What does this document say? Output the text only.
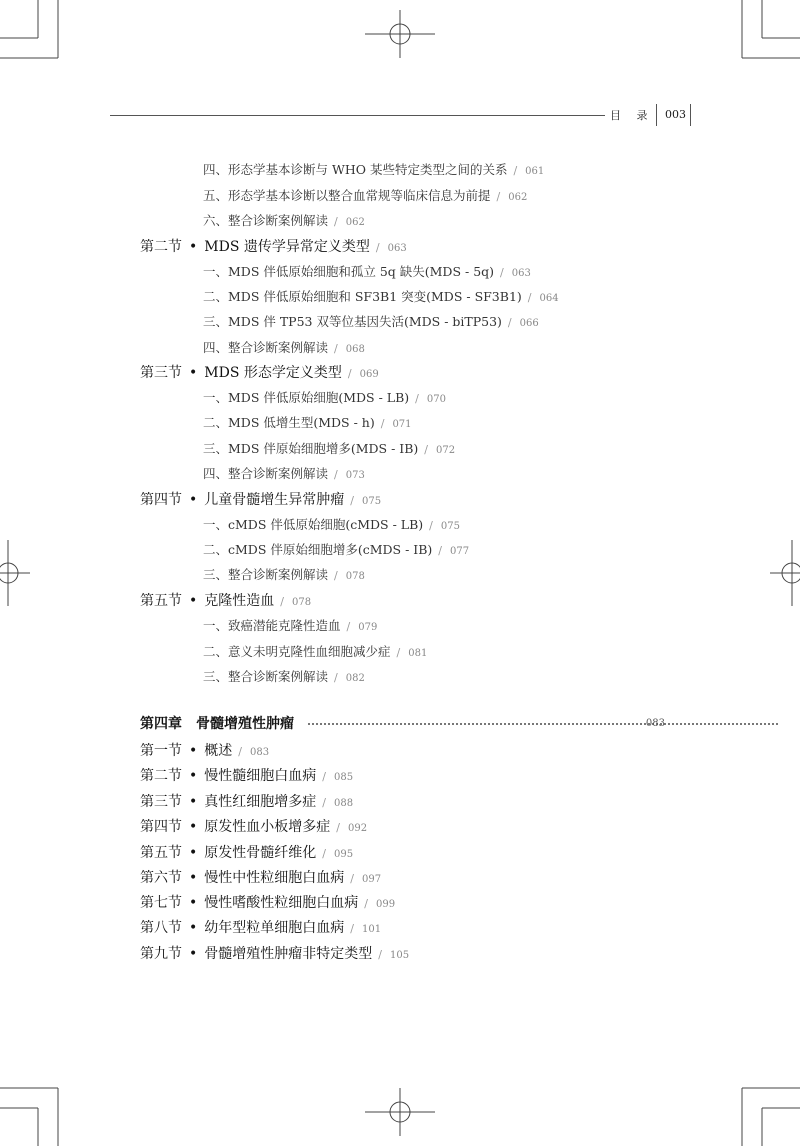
目 录 003
四、形态学基本诊断与 WHO 某些特定类型之间的关系 / 061
五、形态学基本诊断以整合血常规等临床信息为前提 / 062
六、整合诊断案例解读 / 062
第二节 • MDS 遗传学异常定义类型 / 063
一、MDS 伴低原始细胞和孤立 5q 缺失(MDS - 5q) / 063
二、MDS 伴低原始细胞和 SF3B1 突变(MDS - SF3B1) / 064
三、MDS 伴 TP53 双等位基因失活(MDS - biTP53) / 066
四、整合诊断案例解读 / 068
第三节 • MDS 形态学定义类型 / 069
一、MDS 伴低原始细胞(MDS - LB) / 070
二、MDS 低增生型(MDS - h) / 071
三、MDS 伴原始细胞增多(MDS - IB) / 072
四、整合诊断案例解读 / 073
第四节 • 儿童骨髓增生异常肿瘤 / 075
一、cMDS 伴低原始细胞(cMDS - LB) / 075
二、cMDS 伴原始细胞增多(cMDS - IB) / 077
三、整合诊断案例解读 / 078
第五节 • 克隆性造血 / 078
一、致癌潜能克隆性造血 / 079
二、意义未明克隆性血细胞减少症 / 081
三、整合诊断案例解读 / 082
第四章 骨髓增殖性肿瘤	083
第一节 • 概述 / 083
第二节 • 慢性髓细胞白血病 / 085
第三节 • 真性红细胞增多症 / 088
第四节 • 原发性血小板增多症 / 092
第五节 • 原发性骨髓纤维化 / 095
第六节 • 慢性中性粒细胞白血病 / 097
第七节 • 慢性嗜酸性粒细胞白血病 / 099
第八节 • 幼年型粒单细胞白血病 / 101
第九节 • 骨髓增殖性肿瘤非特定类型 / 105
